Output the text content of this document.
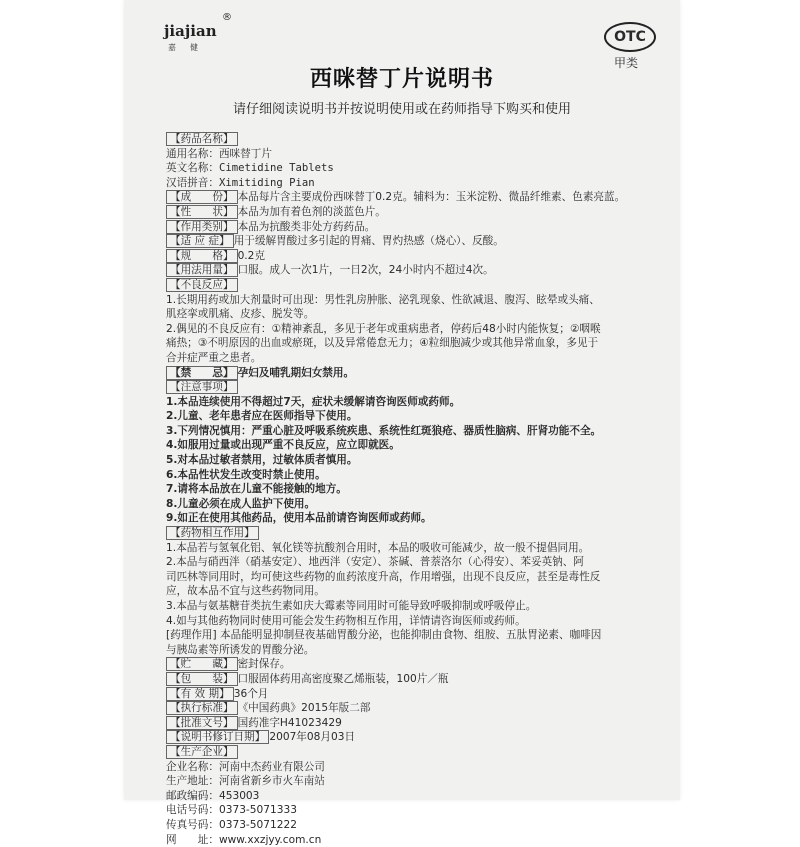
jiajian
®
嘉健
OTC
甲类
西咪替丁片说明书
请仔细阅读说明书并按说明使用或在药师指导下购买和使用
【药品名称】
通用名称：西咪替丁片
英文名称：Cimetidine Tablets
汉语拼音：Ximitiding Pian
【成　　份】 本品每片含主要成份西咪替丁0.2克。辅料为：玉米淀粉、微晶纤维素、色素亮蓝。
【性　　状】 本品为加有着色剂的淡蓝色片。
【作用类别】 本品为抗酸类非处方药药品。
【适 应 症】 用于缓解胃酸过多引起的胃痛、胃灼热感（烧心）、反酸。
【规　　格】 0.2克
【用法用量】 口服。成人一次1片，一日2次，24小时内不超过4次。
【不良反应】
1.长期用药或加大剂量时可出现：男性乳房肿胀、泌乳现象、性欲减退、腹泻、眩晕或头痛、
肌痉挛或肌痛、皮疹、脱发等。
2.偶见的不良反应有：①精神紊乱，多见于老年或重病患者，停药后48小时内能恢复；②咽喉
痛热；③不明原因的出血或瘀斑，以及异常倦怠无力；④粒细胞减少或其他异常血象，多见于
合并症严重之患者。
【禁　　忌】 孕妇及哺乳期妇女禁用。
【注意事项】
1.本品连续使用不得超过7天，症状未缓解请咨询医师或药师。
2.儿童、老年患者应在医师指导下使用。
3.下列情况慎用：严重心脏及呼吸系统疾患、系统性红斑狼疮、器质性脑病、肝肾功能不全。
4.如服用过量或出现严重不良反应，应立即就医。
5.对本品过敏者禁用，过敏体质者慎用。
6.本品性状发生改变时禁止使用。
7.请将本品放在儿童不能接触的地方。
8.儿童必须在成人监护下使用。
9.如正在使用其他药品，使用本品前请咨询医师或药师。
【药物相互作用】
1.本品若与氢氧化铝、氧化镁等抗酸剂合用时，本品的吸收可能减少，故一般不提倡同用。
2.本品与硝西泮（硝基安定）、地西泮（安定）、茶碱、普萘洛尔（心得安）、苯妥英钠、阿
司匹林等同用时，均可使这些药物的血药浓度升高，作用增强，出现不良反应，甚至是毒性反
应，故本品不宜与这些药物同用。
3.本品与氨基糖苷类抗生素如庆大霉素等同用时可能导致呼吸抑制或呼吸停止。
4.如与其他药物同时使用可能会发生药物相互作用，详情请咨询医师或药师。
[药理作用] 本品能明显抑制昼夜基础胃酸分泌，也能抑制由食物、组胺、五肽胃泌素、咖啡因
与胰岛素等所诱发的胃酸分泌。
【贮　　藏】 密封保存。
【包　　装】 口服固体药用高密度聚乙烯瓶装，100片／瓶
【有 效 期】 36个月
【执行标准】 《中国药典》2015年版二部
【批准文号】 国药准字H41023429
【说明书修订日期】 2007年08月03日
【生产企业】
企业名称：河南中杰药业有限公司
生产地址：河南省新乡市火车南站
邮政编码：453003
电话号码：0373-5071333
传真号码：0373-5071222
网　　址：www.xxzjyy.com.cn
